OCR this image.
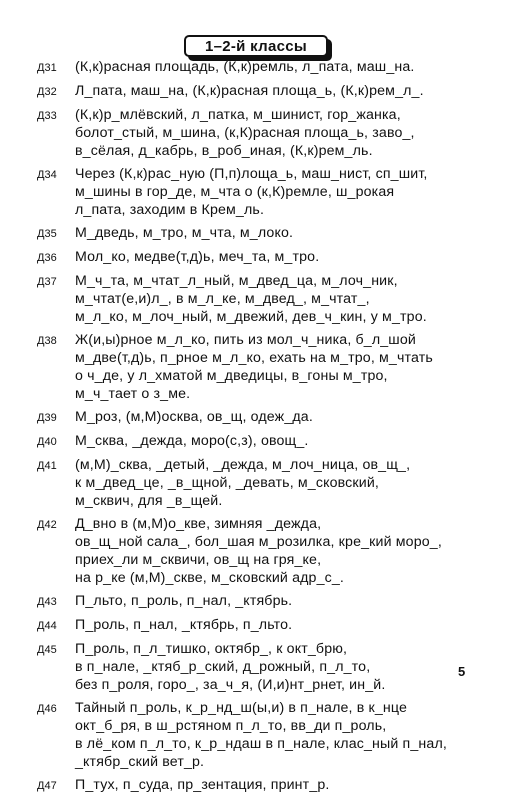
1–2-й классы
Д31	(К,к)расная площадь, (К,к)ремль, л_пата, маш_на.
Д32	Л_пата, маш_на, (К,к)расная площа_ь, (К,к)рем_л_.
Д33	(К,к)р_млёвский, л_патка, м_шинист, гор_жанка,
болот_стый, м_шина, (к,К)расная площа_ь, заво_,
в_сёлая, д_кабрь, в_роб_иная, (К,к)рем_ль.
Д34	Через (К,к)рас_ную (П,п)лоща_ь, маш_нист, сп_шит,
м_шины в гор_де, м_чта о (к,К)ремле, ш_рокая
л_пата, заходим в Крем_ль.
Д35	М_дведь, м_тро, м_чта, м_локо.
Д36	Мол_ко, медве(т,д)ь, меч_та, м_тро.
Д37	М_ч_та, м_чтат_л_ный, м_двед_ца, м_лоч_ник,
м_чтат(е,и)л_, в м_л_ке, м_двед_, м_чтат_,
м_л_ко, м_лоч_ный, м_двежий, дев_ч_кин, у м_тро.
Д38	Ж(и,ы)рное м_л_ко, пить из мол_ч_ника, б_л_шой
м_две(т,д)ь, п_рное м_л_ко, ехать на м_тро, м_чтать
о ч_де, у л_хматой м_дведицы, в_гоны м_тро,
м_ч_тает о з_ме.
Д39	М_роз, (м,М)осква, ов_щ, одеж_да.
Д40	М_сква, _дежда, моро(с,з), овощ_.
Д41	(м,М)_сква, _детый, _дежда, м_лоч_ница, ов_щ_,
к м_двед_це, _в_щной, _девать, м_сковский,
м_сквич, для _в_щей.
Д42	Д_вно в (м,М)о_кве, зимняя _дежда,
ов_щ_ной сала_, бол_шая м_розилка, кре_кий моро_,
приех_ли м_сквичи, ов_щ на гря_ке,
на р_ке (м,М)_скве, м_сковский адр_с_.
Д43	П_льто, п_роль, п_нал, _ктябрь.
Д44	П_роль, п_нал, _ктябрь, п_льто.
Д45	П_роль, п_л_тишко, октябр_, к окт_брю,
в п_нале, _ктяб_р_ский, д_рожный, п_л_то,
без п_роля, горо_, за_ч_я, (И,и)нт_рнет, ин_й.
Д46	Тайный п_роль, к_р_нд_ш(ы,и) в п_нале, в к_нце
окт_б_ря, в ш_рстяном п_л_то, вв_ди п_роль,
в лё_ком п_л_то, к_р_ндаш в п_нале, клас_ный п_нал,
_ктябр_ский вет_р.
Д47	П_тух, п_суда, пр_зентация, принт_р.
5
